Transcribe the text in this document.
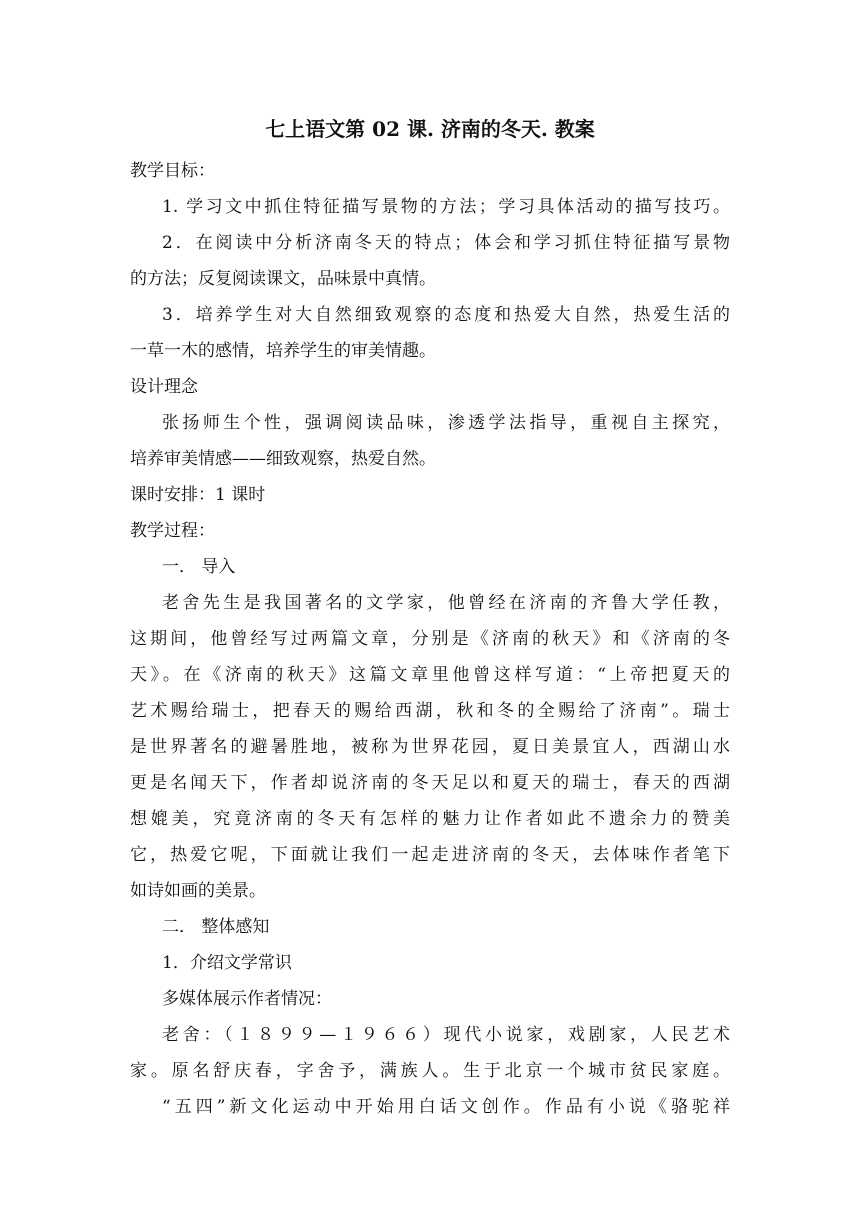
七上语文第 02 课. 济南的冬天. 教案
教学目标：
1. 学习文中抓住特征描写景物的方法；学习具体活动的描写技巧。
2．在阅读中分析济南冬天的特点；体会和学习抓住特征描写景物
的方法；反复阅读课文，品味景中真情。
3．培养学生对大自然细致观察的态度和热爱大自然，热爱生活的
一草一木的感情，培养学生的审美情趣。
设计理念
张扬师生个性，强调阅读品味，渗透学法指导，重视自主探究，
培养审美情感——细致观察，热爱自然。
课时安排：1 课时
教学过程：
一． 导入
老舍先生是我国著名的文学家，他曾经在济南的齐鲁大学任教，
这期间，他曾经写过两篇文章，分别是《济南的秋天》和《济南的冬
天》。在《济南的秋天》这篇文章里他曾这样写道：“上帝把夏天的
艺术赐给瑞士，把春天的赐给西湖，秋和冬的全赐给了济南”。瑞士
是世界著名的避暑胜地，被称为世界花园，夏日美景宜人，西湖山水
更是名闻天下，作者却说济南的冬天足以和夏天的瑞士，春天的西湖
想媲美，究竟济南的冬天有怎样的魅力让作者如此不遗余力的赞美
它，热爱它呢，下面就让我们一起走进济南的冬天，去体味作者笔下
如诗如画的美景。
二． 整体感知
1．介绍文学常识
多媒体展示作者情况：
老舍：（１８９９—１９６６）现代小说家，戏剧家，人民艺术
家。原名舒庆春，字舍予，满族人。生于北京一个城市贫民家庭。
“五四”新文化运动中开始用白话文创作。作品有小说《骆驼祥
